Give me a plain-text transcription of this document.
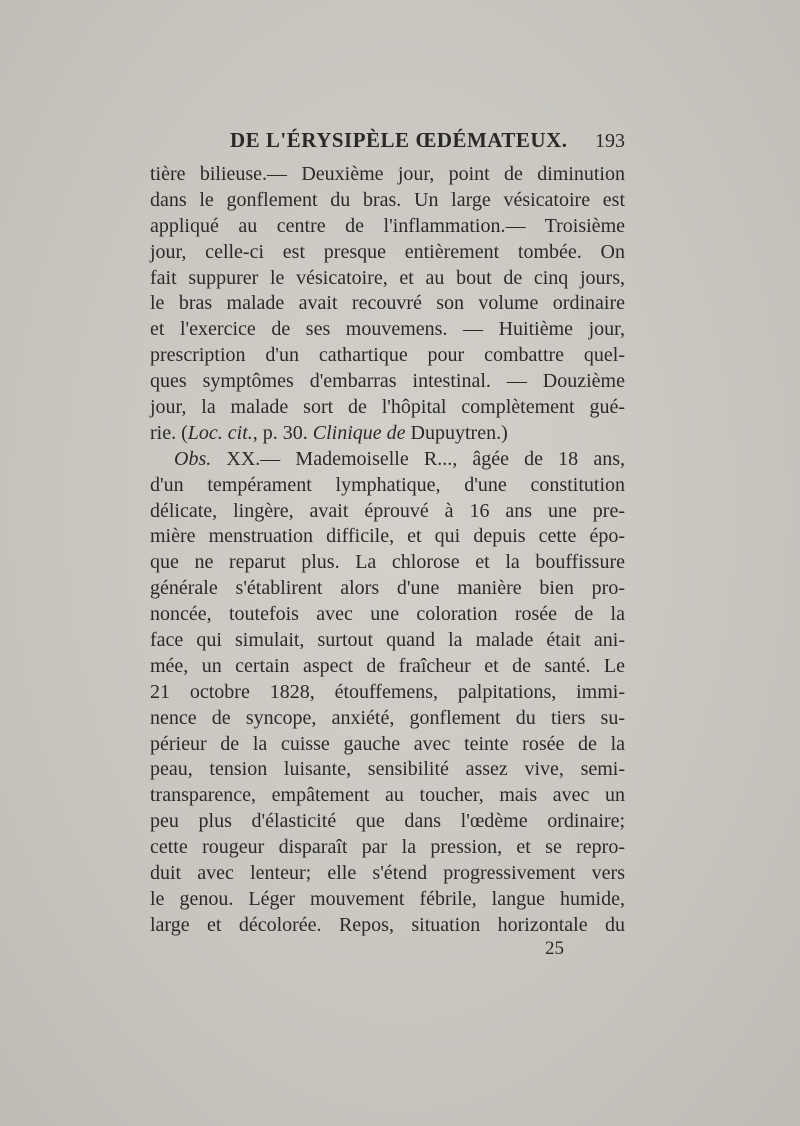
DE L'ÉRYSIPÈLE ŒDÉMATEUX. 193
tière bilieuse.— Deuxième jour, point de diminution
dans le gonflement du bras. Un large vésicatoire est
appliqué au centre de l'inflammation.— Troisième
jour, celle-ci est presque entièrement tombée. On
fait suppurer le vésicatoire, et au bout de cinq jours,
le bras malade avait recouvré son volume ordinaire
et l'exercice de ses mouvemens. — Huitième jour,
prescription d'un cathartique pour combattre quel-
ques symptômes d'embarras intestinal. — Douzième
jour, la malade sort de l'hôpital complètement gué-
rie. (Loc. cit., p. 30. Clinique de Dupuytren.)
Obs. XX.— Mademoiselle R..., âgée de 18 ans,
d'un tempérament lymphatique, d'une constitution
délicate, lingère, avait éprouvé à 16 ans une pre-
mière menstruation difficile, et qui depuis cette épo-
que ne reparut plus. La chlorose et la bouffissure
générale s'établirent alors d'une manière bien pro-
noncée, toutefois avec une coloration rosée de la
face qui simulait, surtout quand la malade était ani-
mée, un certain aspect de fraîcheur et de santé. Le
21 octobre 1828, étouffemens, palpitations, immi-
nence de syncope, anxiété, gonflement du tiers su-
périeur de la cuisse gauche avec teinte rosée de la
peau, tension luisante, sensibilité assez vive, semi-
transparence, empâtement au toucher, mais avec un
peu plus d'élasticité que dans l'œdème ordinaire;
cette rougeur disparaît par la pression, et se repro-
duit avec lenteur; elle s'étend progressivement vers
le genou. Léger mouvement fébrile, langue humide,
large et décolorée. Repos, situation horizontale du
25
